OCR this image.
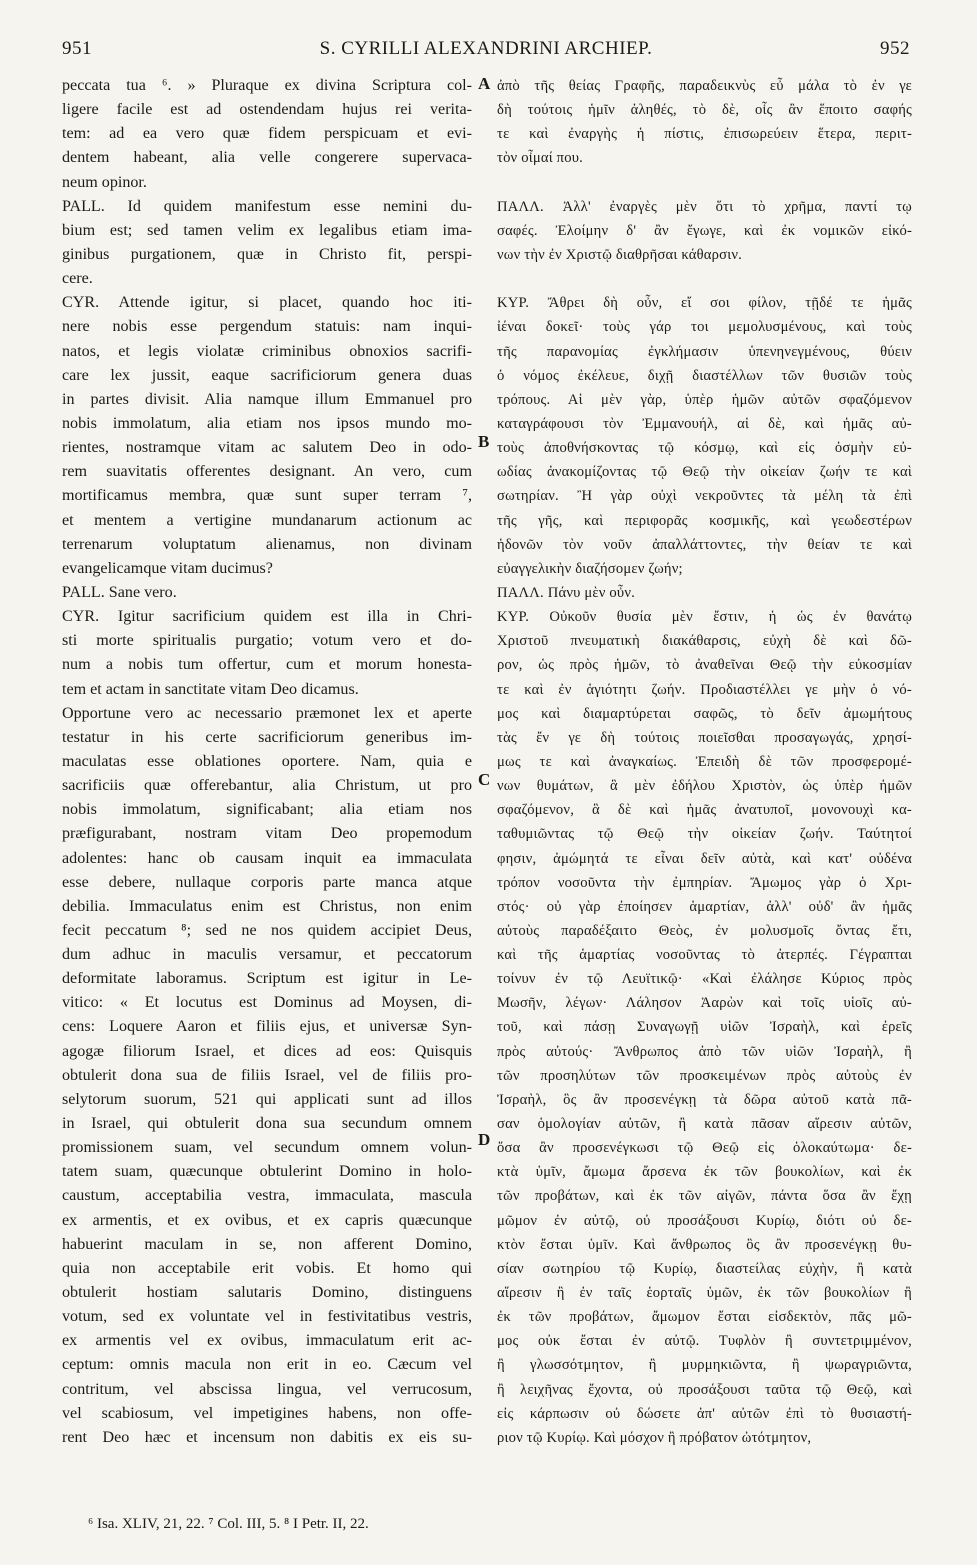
951	S. CYRILLI ALEXANDRINI ARCHIEP.	952
peccata tua ⁶. » Pluraque ex divina Scriptura col-
ligere facile est ad ostendendam hujus rei verita-
tem: ad ea vero quæ fidem perspicuam et evi-
dentem habeant, alia velle congerere supervaca-
neum opinor.
PALL. Id quidem manifestum esse nemini du-
bium est; sed tamen velim ex legalibus etiam ima-
ginibus purgationem, quæ in Christo fit, perspi-
cere.
CYR. Attende igitur, si placet, quando hoc iti-
nere nobis esse pergendum statuis: nam inqui-
natos, et legis violatæ criminibus obnoxios sacrifi-
care lex jussit, eaque sacrificiorum genera duas
in partes divisit. Alia namque illum Emmanuel pro
nobis immolatum, alia etiam nos ipsos mundo mo-
rientes, nostramque vitam ac salutem Deo in odo-
rem suavitatis offerentes designant. An vero, cum
mortificamus membra, quæ sunt super terram ⁷,
et mentem a vertigine mundanarum actionum ac
terrenarum voluptatum alienamus, non divinam
evangelicamque vitam ducimus?
PALL. Sane vero.
CYR. Igitur sacrificium quidem est illa in Chri-
sti morte spiritualis purgatio; votum vero et do-
num a nobis tum offertur, cum et morum honesta-
tem et actam in sanctitate vitam Deo dicamus.
Opportune vero ac necessario præmonet lex et aperte
testatur in his certe sacrificiorum generibus im-
maculatas esse oblationes oportere. Nam, quia e
sacrificiis quæ offerebantur, alia Christum, ut pro
nobis immolatum, significabant; alia etiam nos
præfigurabant, nostram vitam Deo propemodum
adolentes: hanc ob causam inquit ea immaculata
esse debere, nullaque corporis parte manca atque
debilia. Immaculatus enim est Christus, non enim
fecit peccatum ⁸; sed ne nos quidem accipiet Deus,
dum adhuc in maculis versamur, et peccatorum
deformitate laboramus. Scriptum est igitur in Le-
vitico: « Et locutus est Dominus ad Moysen, di-
cens: Loquere Aaron et filiis ejus, et universæ Syn-
agogæ filiorum Israel, et dices ad eos: Quisquis
obtulerit dona sua de filiis Israel, vel de filiis pro-
selytorum suorum, 521 qui applicati sunt ad illos
in Israel, qui obtulerit dona sua secundum omnem
promissionem suam, vel secundum omnem volun-
tatem suam, quæcunque obtulerint Domino in holo-
caustum, acceptabilia vestra, immaculata, mascula
ex armentis, et ex ovibus, et ex capris quæcunque
habuerint maculam in se, non afferent Domino,
quia non acceptabile erit vobis. Et homo qui
obtulerit hostiam salutaris Domino, distinguens
votum, sed ex voluntate vel in festivitatibus vestris,
ex armentis vel ex ovibus, immaculatum erit ac-
ceptum: omnis macula non erit in eo. Cæcum vel
contritum, vel abscissa lingua, vel verrucosum,
vel scabiosum, vel impetigines habens, non offe-
rent Deo hæc et incensum non dabitis ex eis su-
ἀπὸ τῆς θείας Γραφῆς, παραδεικνὺς εὖ μάλα τὸ ἐν γε
δὴ τούτοις ἡμῖν ἀληθές, τὸ δὲ, οἷς ἂν ἕποιτο σαφής
τε καὶ ἐναργὴς ἡ πίστις, ἐπισωρεύειν ἕτερα, περιτ-
τὸν οἶμαί που.
ΠΑΛΛ. Ἀλλ' ἐναργὲς μὲν ὅτι τὸ χρῆμα, παντί τῳ
σαφές. Ἐλοίμην δ' ἂν ἔγωγε, καὶ ἐκ νομικῶν εἰκό-
νων τὴν ἐν Χριστῷ διαθρῆσαι κάθαρσιν.
ΚΥΡ. Ἄθρει δὴ οὖν, εἴ σοι φίλον, τῇδέ τε ἡμᾶς
ἰέναι δοκεῖ· τοὺς γάρ τοι μεμολυσμένους, καὶ τοὺς
τῆς παρανομίας ἐγκλήμασιν ὑπενηνεγμένους, θύειν
ὁ νόμος ἐκέλευε, διχῇ διαστέλλων τῶν θυσιῶν τοὺς
τρόπους. Αἱ μὲν γὰρ, ὑπὲρ ἡμῶν αὐτῶν σφαζόμενον
καταγράφουσι τὸν Ἐμμανουήλ, αἱ δὲ, καὶ ἡμᾶς αὐ-
τοὺς ἀποθνήσκοντας τῷ κόσμῳ, καὶ εἰς ὀσμὴν εὐ-
ωδίας ἀνακομίζοντας τῷ Θεῷ τὴν οἰκείαν ζωήν τε καὶ
σωτηρίαν. Ἢ γὰρ οὐχὶ νεκροῦντες τὰ μέλη τὰ ἐπὶ
τῆς γῆς, καὶ περιφορᾶς κοσμικῆς, καὶ γεωδεστέρων
ἡδονῶν τὸν νοῦν ἀπαλλάττοντες, τὴν θείαν τε καὶ
εὐαγγελικὴν διαζήσομεν ζωήν;
ΠΑΛΛ. Πάνυ μὲν οὖν.
ΚΥΡ. Οὐκοῦν θυσία μὲν ἔστιν, ἡ ὡς ἐν θανάτῳ
Χριστοῦ πνευματικὴ διακάθαρσις, εὐχὴ δὲ καὶ δῶ-
ρον, ὡς πρὸς ἡμῶν, τὸ ἀναθεῖναι Θεῷ τὴν εὐκοσμίαν
τε καὶ ἐν ἁγιότητι ζωήν. Προδιαστέλλει γε μὴν ὁ νό-
μος καὶ διαμαρτύρεται σαφῶς, τὸ δεῖν ἀμωμήτους
τὰς ἔν γε δὴ τούτοις ποιεῖσθαι προσαγωγάς, χρησί-
μως τε καὶ ἀναγκαίως. Ἐπειδὴ δὲ τῶν προσφερομέ-
νων θυμάτων, ἃ μὲν ἐδήλου Χριστὸν, ὡς ὑπὲρ ἡμῶν
σφαζόμενον, ἃ δὲ καὶ ἡμᾶς ἀνατυποῖ, μονονουχὶ κα-
ταθυμιῶντας τῷ Θεῷ τὴν οἰκείαν ζωήν. Ταύτητοί
φησιν, ἀμώμητά τε εἶναι δεῖν αὐτὰ, καὶ κατ' οὐδένα
τρόπον νοσοῦντα τὴν ἐμπηρίαν. Ἄμωμος γὰρ ὁ Χρι-
στός· οὐ γὰρ ἐποίησεν ἁμαρτίαν, ἀλλ' οὐδ' ἂν ἡμᾶς
αὐτοὺς παραδέξαιτο Θεὸς, ἐν μολυσμοῖς ὄντας ἔτι,
καὶ τῆς ἁμαρτίας νοσοῦντας τὸ ἀτερπές. Γέγραπται
τοίνυν ἐν τῷ Λευϊτικῷ· «Καὶ ἐλάλησε Κύριος πρὸς
Μωσῆν, λέγων· Λάλησον Ἀαρὼν καὶ τοῖς υἱοῖς αὐ-
τοῦ, καὶ πάσῃ Συναγωγῇ υἱῶν Ἰσραὴλ, καὶ ἐρεῖς
πρὸς αὐτούς· Ἄνθρωπος ἀπὸ τῶν υἱῶν Ἰσραὴλ, ἢ
τῶν προσηλύτων τῶν προσκειμένων πρὸς αὐτοὺς ἐν
Ἰσραὴλ, ὃς ἂν προσενέγκῃ τὰ δῶρα αὐτοῦ κατὰ πᾶ-
σαν ὁμολογίαν αὐτῶν, ἢ κατὰ πᾶσαν αἵρεσιν αὐτῶν,
ὅσα ἂν προσενέγκωσι τῷ Θεῷ εἰς ὁλοκαύτωμα· δε-
κτὰ ὑμῖν, ἄμωμα ἄρσενα ἐκ τῶν βουκολίων, καὶ ἐκ
τῶν προβάτων, καὶ ἐκ τῶν αἰγῶν, πάντα ὅσα ἂν ἔχῃ
μῶμον ἐν αὐτῷ, οὐ προσάξουσι Κυρίῳ, διότι οὐ δε-
κτὸν ἔσται ὑμῖν. Καὶ ἄνθρωπος ὃς ἂν προσενέγκῃ θυ-
σίαν σωτηρίου τῷ Κυρίῳ, διαστείλας εὐχὴν, ἢ κατὰ
αἵρεσιν ἢ ἐν ταῖς ἑορταῖς ὑμῶν, ἐκ τῶν βουκολίων ἢ
ἐκ τῶν προβάτων, ἄμωμον ἔσται εἰσδεκτὸν, πᾶς μῶ-
μος οὐκ ἔσται ἐν αὐτῷ. Τυφλὸν ἢ συντετριμμένον,
ἢ γλωσσότμητον, ἢ μυρμηκιῶντα, ἢ ψωραγριῶντα,
ἢ λειχῆνας ἔχοντα, οὐ προσάξουσι ταῦτα τῷ Θεῷ, καὶ
εἰς κάρπωσιν οὐ δώσετε ἀπ' αὐτῶν ἐπὶ τὸ θυσιαστή-
ριον τῷ Κυρίῳ. Καὶ μόσχον ἢ πρόβατον ὠτότμητον,
A
B
C
D
⁶ Isa. XLIV, 21, 22. ⁷ Col. III, 5. ⁸ I Petr. II, 22.
